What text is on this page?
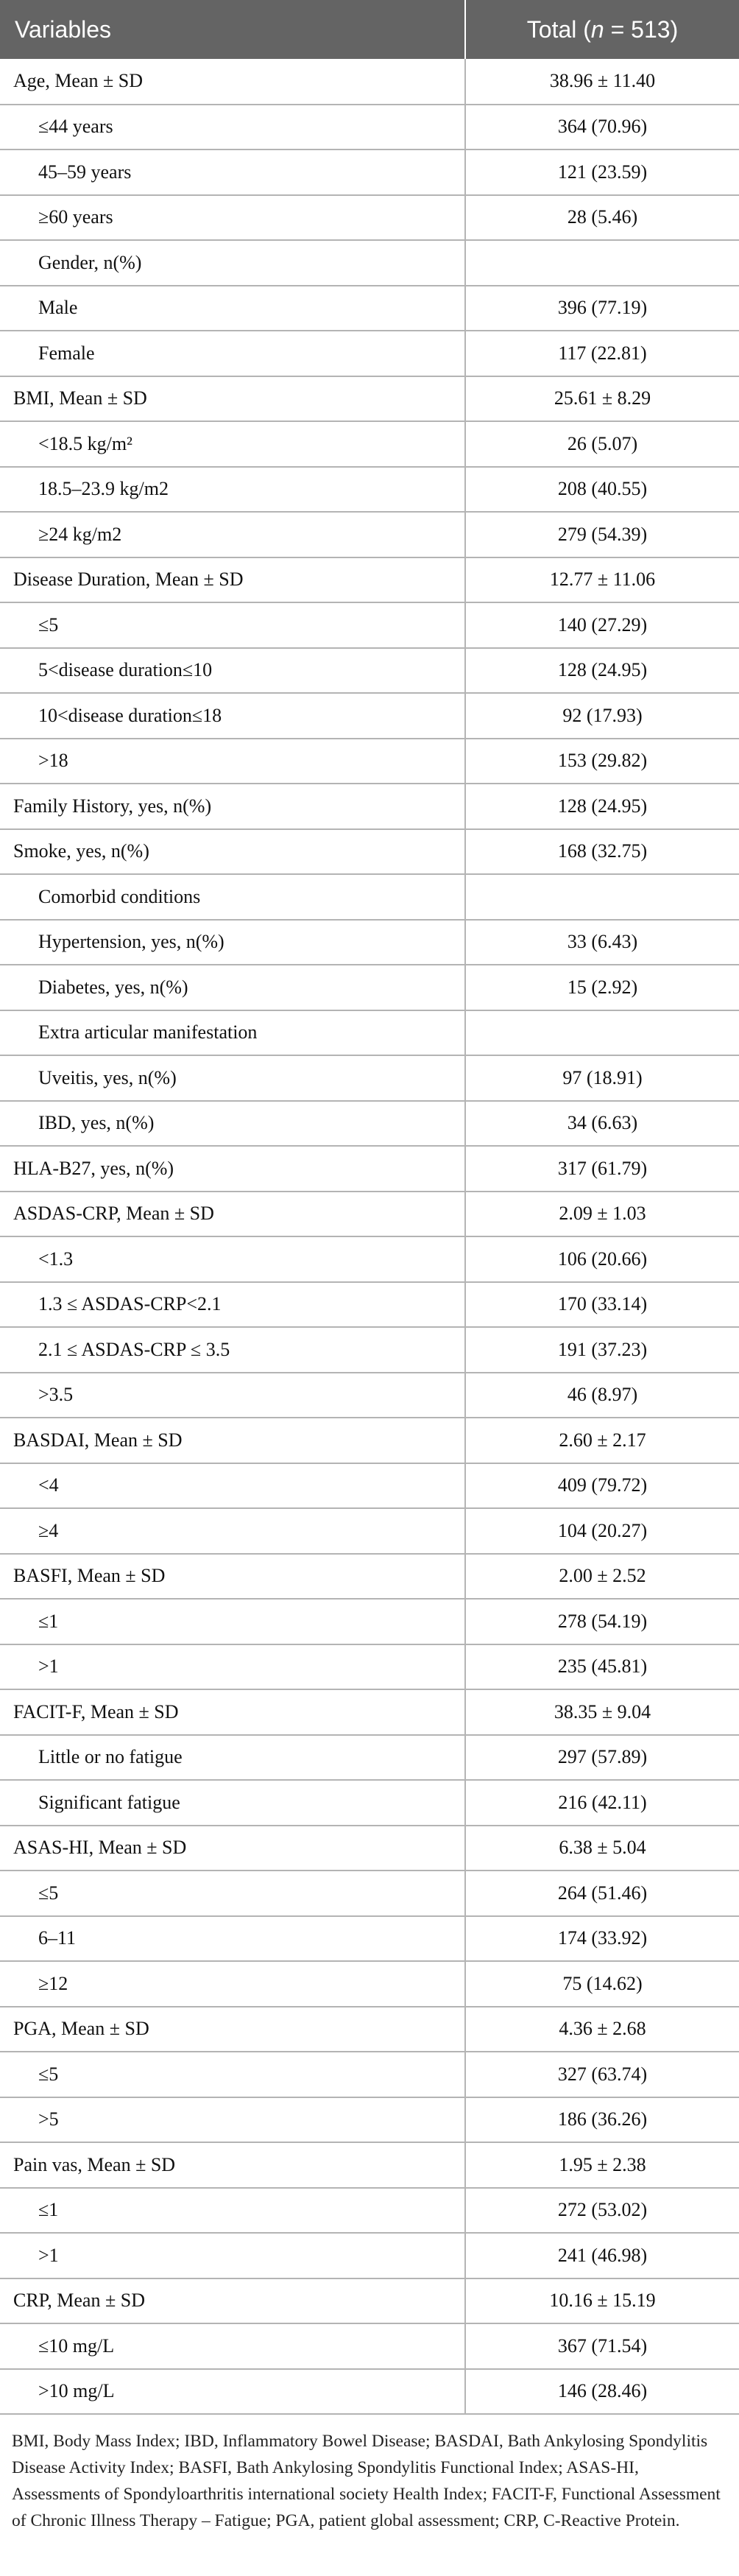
Variables	Total (n = 513)
Age, Mean ± SD	38.96 ± 11.40
≤44 years	364 (70.96)
45–59 years	121 (23.59)
≥60 years	28 (5.46)
Gender, n(%)	
Male	396 (77.19)
Female	117 (22.81)
BMI, Mean ± SD	25.61 ± 8.29
<18.5 kg/m²	26 (5.07)
18.5–23.9 kg/m2	208 (40.55)
≥24 kg/m2	279 (54.39)
Disease Duration, Mean ± SD	12.77 ± 11.06
≤5	140 (27.29)
5<disease duration≤10	128 (24.95)
10<disease duration≤18	92 (17.93)
>18	153 (29.82)
Family History, yes, n(%)	128 (24.95)
Smoke, yes, n(%)	168 (32.75)
Comorbid conditions	
Hypertension, yes, n(%)	33 (6.43)
Diabetes, yes, n(%)	15 (2.92)
Extra articular manifestation	
Uveitis, yes, n(%)	97 (18.91)
IBD, yes, n(%)	34 (6.63)
HLA-B27, yes, n(%)	317 (61.79)
ASDAS-CRP, Mean ± SD	2.09 ± 1.03
<1.3	106 (20.66)
1.3 ≤ ASDAS-CRP<2.1	170 (33.14)
2.1 ≤ ASDAS-CRP ≤ 3.5	191 (37.23)
>3.5	46 (8.97)
BASDAI, Mean ± SD	2.60 ± 2.17
<4	409 (79.72)
≥4	104 (20.27)
BASFI, Mean ± SD	2.00 ± 2.52
≤1	278 (54.19)
>1	235 (45.81)
FACIT-F, Mean ± SD	38.35 ± 9.04
Little or no fatigue	297 (57.89)
Significant fatigue	216 (42.11)
ASAS-HI, Mean ± SD	6.38 ± 5.04
≤5	264 (51.46)
6–11	174 (33.92)
≥12	75 (14.62)
PGA, Mean ± SD	4.36 ± 2.68
≤5	327 (63.74)
>5	186 (36.26)
Pain vas, Mean ± SD	1.95 ± 2.38
≤1	272 (53.02)
>1	241 (46.98)
CRP, Mean ± SD	10.16 ± 15.19
≤10 mg/L	367 (71.54)
>10 mg/L	146 (28.46)
BMI, Body Mass Index; IBD, Inflammatory Bowel Disease; BASDAI, Bath Ankylosing Spondylitis Disease Activity Index; BASFI, Bath Ankylosing Spondylitis Functional Index; ASAS-HI, Assessments of Spondyloarthritis international society Health Index; FACIT-F, Functional Assessment of Chronic Illness Therapy – Fatigue; PGA, patient global assessment; CRP, C-Reactive Protein.
